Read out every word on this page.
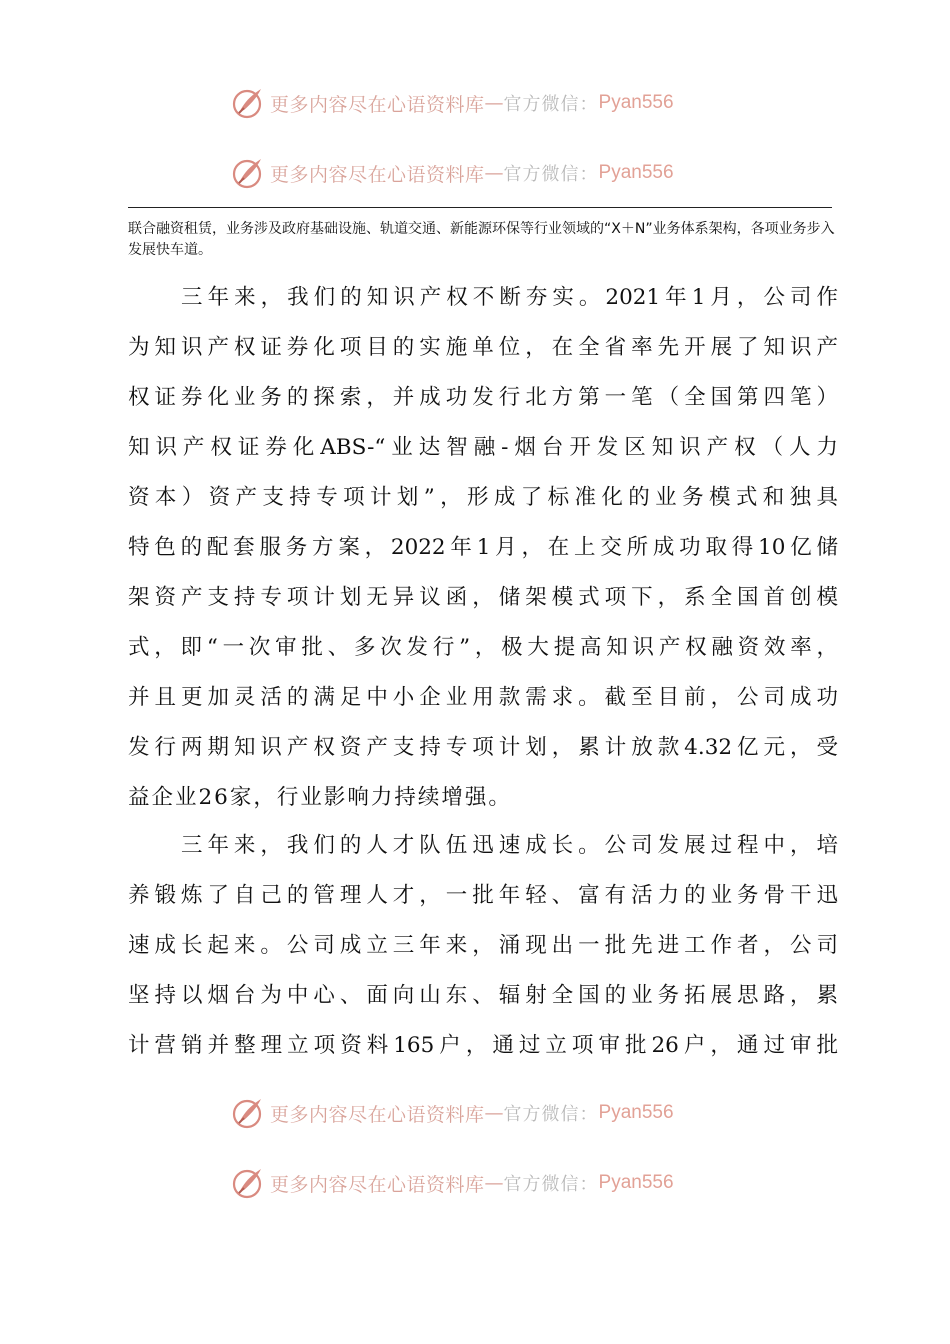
更多内容尽在心语资料库 — 官方微信： Pyan556
更多内容尽在心语资料库 — 官方微信： Pyan556
联合融资租赁，业务涉及政府基础设施、轨道交通、新能源环保等行业领域的“X＋N”业务体系架构，各项业务步入发展快车道。
　　三年来，我们的知识产权不断夯实。2021年1月，公司作
为知识产权证券化项目的实施单位，在全省率先开展了知识产
权证券化业务的探索，并成功发行北方第一笔（全国第四笔）
知识产权证券化ABS-“业达智融-烟台开发区知识产权（人力
资本）资产支持专项计划”，形成了标准化的业务模式和独具
特色的配套服务方案，2022年1月，在上交所成功取得10亿储
架资产支持专项计划无异议函，储架模式项下，系全国首创模
式，即“一次审批、多次发行”，极大提高知识产权融资效率，
并且更加灵活的满足中小企业用款需求。截至目前，公司成功
发行两期知识产权资产支持专项计划，累计放款4.32亿元，受
益企业26家，行业影响力持续增强。
　　三年来，我们的人才队伍迅速成长。公司发展过程中，培
养锻炼了自己的管理人才，一批年轻、富有活力的业务骨干迅
速成长起来。公司成立三年来，涌现出一批先进工作者，公司
坚持以烟台为中心、面向山东、辐射全国的业务拓展思路，累
计营销并整理立项资料165户，通过立项审批26户，通过审批
更多内容尽在心语资料库 — 官方微信： Pyan556
更多内容尽在心语资料库 — 官方微信： Pyan556
